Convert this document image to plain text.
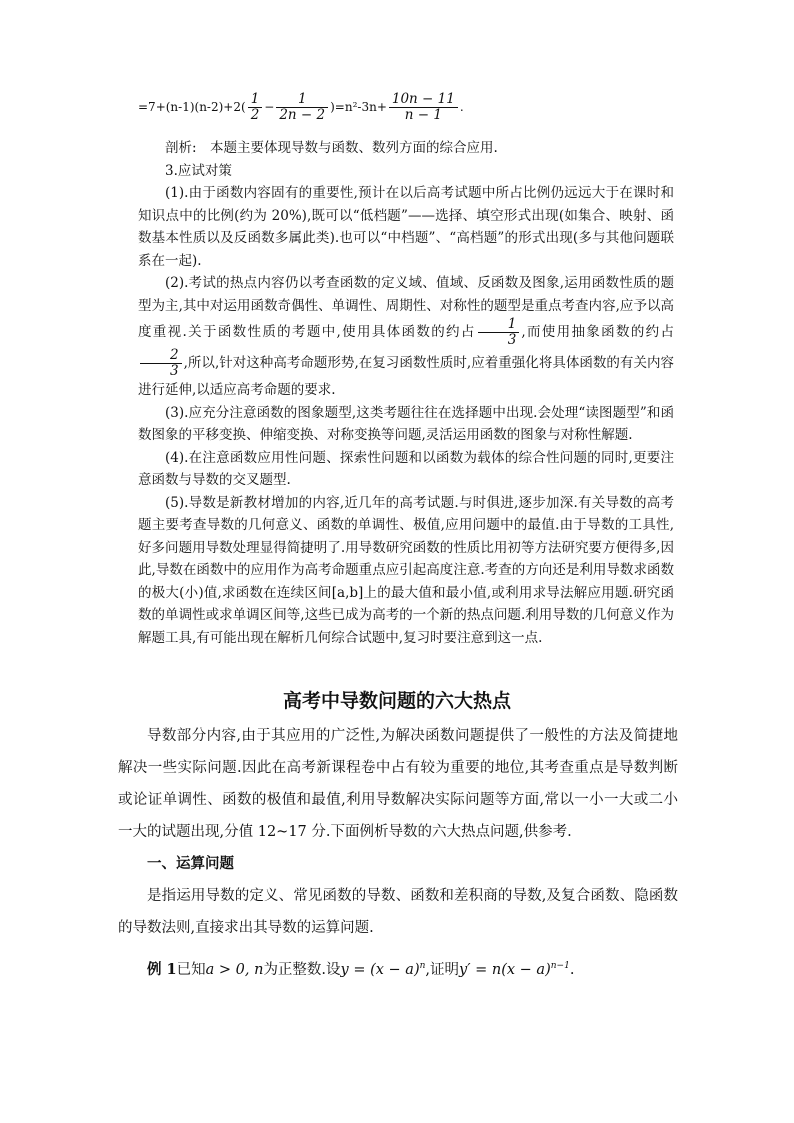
$=7+(n-1)(n-2)+2( \frac{1}{2} - \frac{1}{2n - 2} )=n^2-3n+ \frac{10n - 11}{n - 1}$ .

剖析:　本题主要体现导数与函数、数列方面的综合应用.

3.应试对策

(1).由于函数内容固有的重要性,预计在以后高考试题中所占比例仍远远大于在课时和知识点中的比例(约为 20%),既可以“低档题”——选择、填空形式出现(如集合、映射、函数基本性质以及反函数多属此类).也可以“中档题”、“高档题”的形式出现(多与其他问题联系在一起).

(2).考试的热点内容仍以考查函数的定义域、值域、反函数及图象,运用函数性质的题型为主,其中对运用函数奇偶性、单调性、周期性、对称性的题型是重点考查内容,应予以高度重视.关于函数性质的考题中,使用具体函数的约占 $\frac{1}{3}$ ,而使用抽象函数的约占
$\frac{2}{3}$ ,所以,针对这种高考命题形势,在复习函数性质时,应着重强化将具体函数的有关内容进行延伸,以适应高考命题的要求.

(3).应充分注意函数的图象题型,这类考题往往在选择题中出现.会处理“读图题型”和函数图象的平移变换、伸缩变换、对称变换等问题,灵活运用函数的图象与对称性解题.

(4).在注意函数应用性问题、探索性问题和以函数为载体的综合性问题的同时,更要注意函数与导数的交叉题型.

(5).导数是新教材增加的内容,近几年的高考试题.与时俱进,逐步加深.有关导数的高考题主要考查导数的几何意义、函数的单调性、极值,应用问题中的最值.由于导数的工具性,好多问题用导数处理显得简捷明了.用导数研究函数的性质比用初等方法研究要方便得多,因此,导数在函数中的应用作为高考命题重点应引起高度注意.考查的方向还是利用导数求函数的极大(小)值,求函数在连续区间[a,b]上的最大值和最小值,或利用求导法解应用题.研究函数的单调性或求单调区间等,这些已成为高考的一个新的热点问题.利用导数的几何意义作为解题工具,有可能出现在解析几何综合试题中,复习时要注意到这一点.

高考中导数问题的六大热点

导数部分内容,由于其应用的广泛性,为解决函数问题提供了一般性的方法及简捷地解决一些实际问题.因此在高考新课程卷中占有较为重要的地位,其考查重点是导数判断或论证单调性、函数的极值和最值,利用导数解决实际问题等方面,常以一小一大或二小一大的试题出现,分值 12~17 分.下面例析导数的六大热点问题,供参考.

一、运算问题

是指运用导数的定义、常见函数的导数、函数和差积商的导数,及复合函数、隐函数的导数法则,直接求出其导数的运算问题.

例 1已知a > 0, n为正整数.设$y = (x - a)^n$,证明$y' = n(x - a)^{n-1}$.
